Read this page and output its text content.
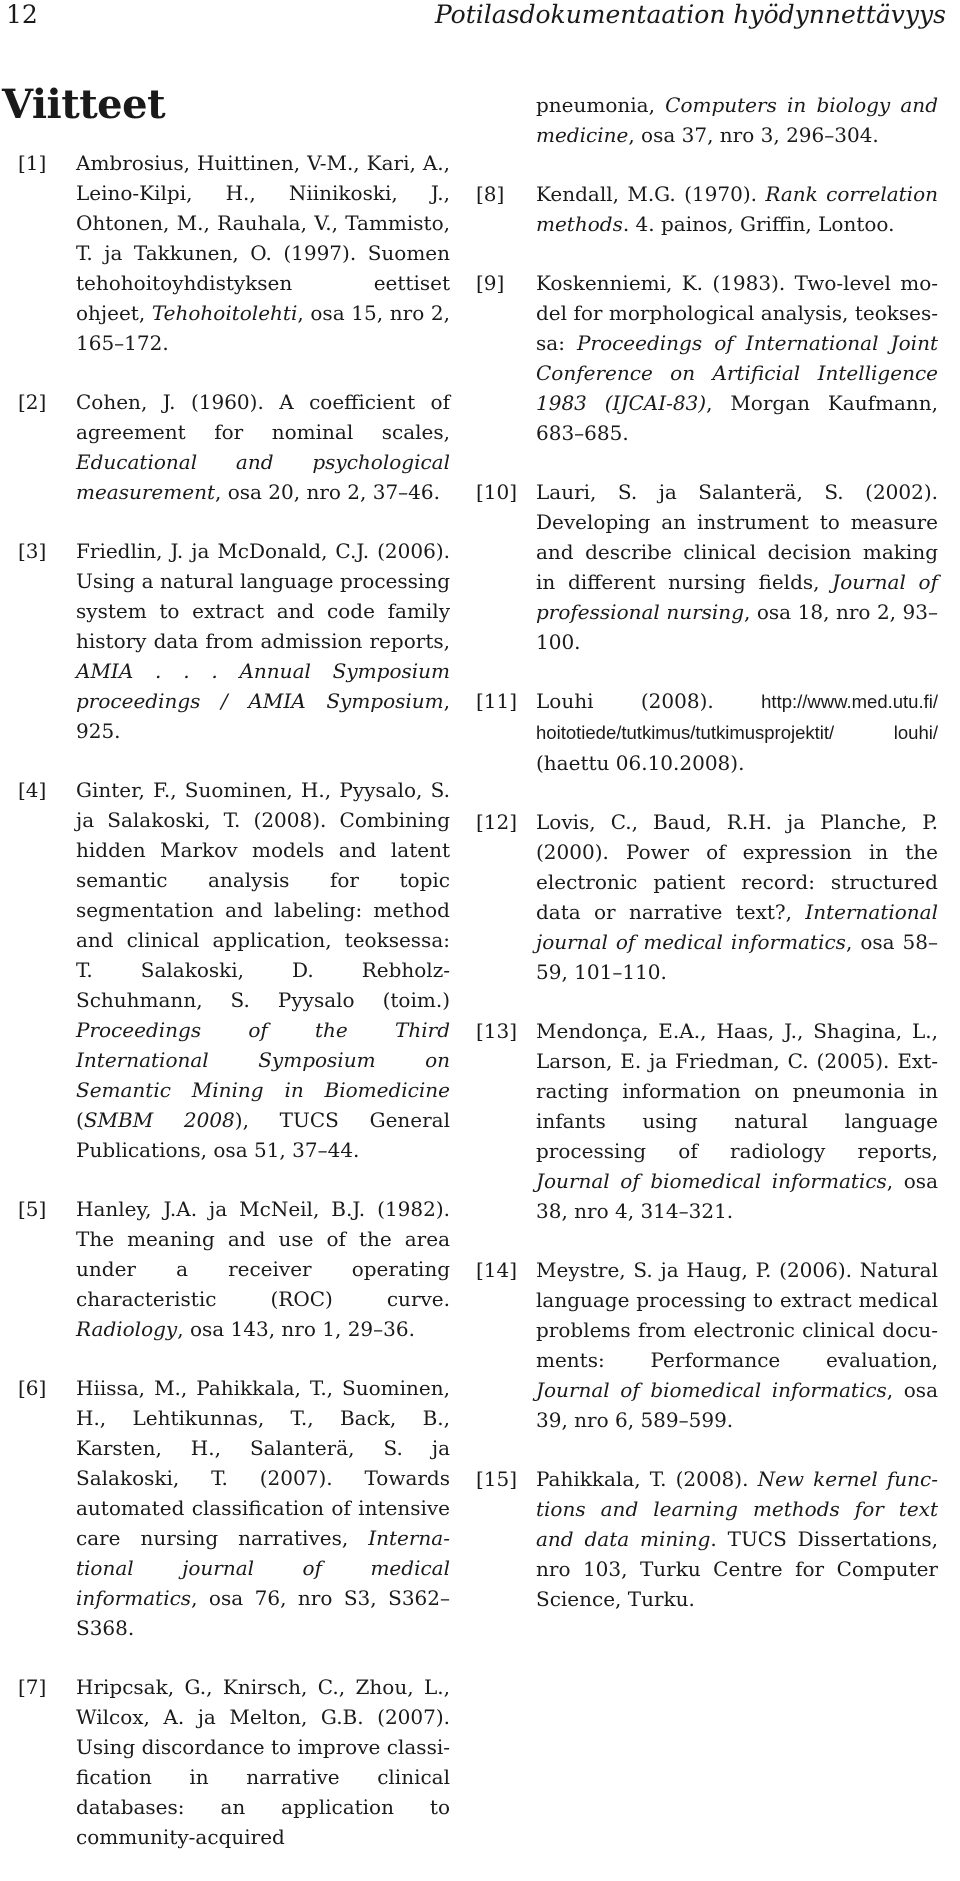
12	Potilasdokumentaation hyödynnettävyys
Viitteet
[1] Ambrosius, Huittinen, V-M., Kari, A., Leino-Kilpi, H., Niinikoski, J., Ohtonen, M., Rauhala, V., Tammisto, T. ja Takkunen, O. (1997). Suomen tehohoitoyhdistyksen eettiset ohjeet, Tehohoitolehti, osa 15, nro 2, 165–172.
[2] Cohen, J. (1960). A coefficient of agreement for nominal scales, Educational and psychological measurement, osa 20, nro 2, 37–46.
[3] Friedlin, J. ja McDonald, C.J. (2006). Using a natural language processing system to extract and code family history data from admission reports, AMIA . . . Annual Symposium proceedings / AMIA Symposium, 925.
[4] Ginter, F., Suominen, H., Pyysalo, S. ja Salakoski, T. (2008). Combining hidden Markov models and latent semantic analysis for topic segmentation and labeling: method and clinical application, teoksessa: T. Salakoski, D. Rebholz-Schuhmann, S. Pyysalo (toim.) Proceedings of the Third International Symposium on Semantic Mining in Biomedicine (SMBM 2008), TUCS General Publications, osa 51, 37–44.
[5] Hanley, J.A. ja McNeil, B.J. (1982). The meaning and use of the area under a receiver operating characteristic (ROC) curve. Radiology, osa 143, nro 1, 29–36.
[6] Hiissa, M., Pahikkala, T., Suominen, H., Lehtikunnas, T., Back, B., Karsten, H., Salanterä, S. ja Salakoski, T. (2007). Towards automated classification of intensive care nursing narratives, International journal of medical informatics, osa 76, nro S3, S362–S368.
[7] Hripcsak, G., Knirsch, C., Zhou, L., Wilcox, A. ja Melton, G.B. (2007). Using discordance to improve classification in narrative clinical databases: an application to community-acquired
pneumonia, Computers in biology and medicine, osa 37, nro 3, 296–304.
[8] Kendall, M.G. (1970). Rank correlation methods. 4. painos, Griffin, Lontoo.
[9] Koskenniemi, K. (1983). Two-level model for morphological analysis, teoksessa: Proceedings of International Joint Conference on Artificial Intelligence 1983 (IJCAI-83), Morgan Kaufmann, 683–685.
[10] Lauri, S. ja Salanterä, S. (2002). Developing an instrument to measure and describe clinical decision making in different nursing fields, Journal of professional nursing, osa 18, nro 2, 93–100.
[11] Louhi (2008). http://www.med.utu.fi/ hoitotiede/tutkimus/tutkimusprojektit/ louhi/ (haettu 06.10.2008).
[12] Lovis, C., Baud, R.H. ja Planche, P. (2000). Power of expression in the electronic patient record: structured data or narrative text?, International journal of medical informatics, osa 58–59, 101–110.
[13] Mendonça, E.A., Haas, J., Shagina, L., Larson, E. ja Friedman, C. (2005). Extracting information on pneumonia in infants using natural language processing of radiology reports, Journal of biomedical informatics, osa 38, nro 4, 314–321.
[14] Meystre, S. ja Haug, P. (2006). Natural language processing to extract medical problems from electronic clinical documents: Performance evaluation, Journal of biomedical informatics, osa 39, nro 6, 589–599.
[15] Pahikkala, T. (2008). New kernel functions and learning methods for text and data mining. TUCS Dissertations, nro 103, Turku Centre for Computer Science, Turku.
